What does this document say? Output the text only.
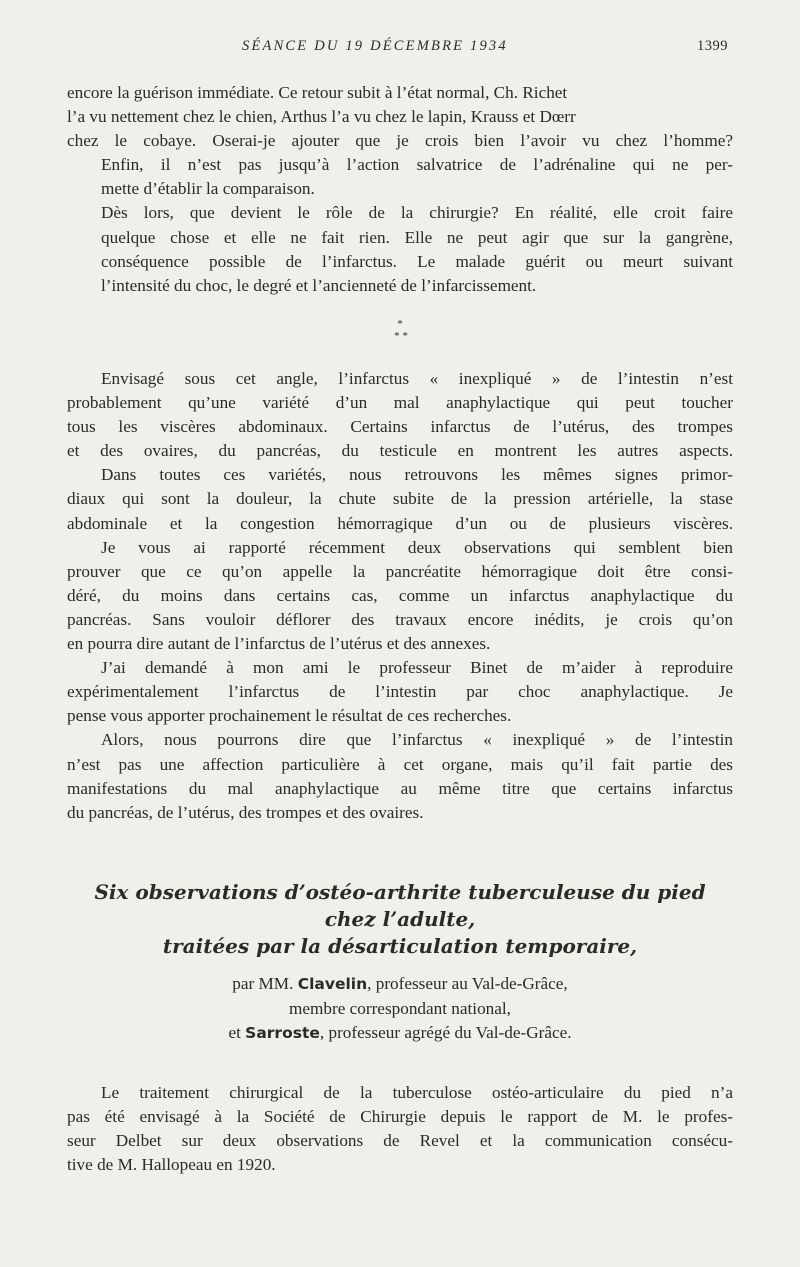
SÉANCE DU 19 DÉCEMBRE 1934	1399

encore la guérison immédiate. Ce retour subit à l’état normal, Ch. Richet
l’a vu nettement chez le chien, Arthus l’a vu chez le lapin, Krauss et Dœrr
chez le cobaye. Oserai-je ajouter que je crois bien l’avoir vu chez l’homme?

Enfin, il n’est pas jusqu’à l’action salvatrice de l’adrénaline qui ne per-
mette d’établir la comparaison.

Dès lors, que devient le rôle de la chirurgie? En réalité, elle croit faire
quelque chose et elle ne fait rien. Elle ne peut agir que sur la gangrène,
conséquence possible de l’infarctus. Le malade guérit ou meurt suivant
l’intensité du choc, le degré et l’ancienneté de l’infarcissement.

*
* *

Envisagé sous cet angle, l’infarctus « inexpliqué » de l’intestin n’est
probablement qu’une variété d’un mal anaphylactique qui peut toucher
tous les viscères abdominaux. Certains infarctus de l’utérus, des trompes
et des ovaires, du pancréas, du testicule en montrent les autres aspects.

Dans toutes ces variétés, nous retrouvons les mêmes signes primor-
diaux qui sont la douleur, la chute subite de la pression artérielle, la stase
abdominale et la congestion hémorragique d’un ou de plusieurs viscères.

Je vous ai rapporté récemment deux observations qui semblent bien
prouver que ce qu’on appelle la pancréatite hémorragique doit être consi-
déré, du moins dans certains cas, comme un infarctus anaphylactique du
pancréas. Sans vouloir déflorer des travaux encore inédits, je crois qu’on
en pourra dire autant de l’infarctus de l’utérus et des annexes.

J’ai demandé à mon ami le professeur Binet de m’aider à reproduire
expérimentalement l’infarctus de l’intestin par choc anaphylactique. Je
pense vous apporter prochainement le résultat de ces recherches.

Alors, nous pourrons dire que l’infarctus « inexpliqué » de l’intestin
n’est pas une affection particulière à cet organe, mais qu’il fait partie des
manifestations du mal anaphylactique au même titre que certains infarctus
du pancréas, de l’utérus, des trompes et des ovaires.

Six observations d’ostéo-arthrite tuberculeuse du pied
chez l’adulte,
traitées par la désarticulation temporaire,
par MM. Clavelin, professeur au Val-de-Grâce,
membre correspondant national,
et Sarroste, professeur agrégé du Val-de-Grâce.

Le traitement chirurgical de la tuberculose ostéo-articulaire du pied n’a
pas été envisagé à la Société de Chirurgie depuis le rapport de M. le profes-
seur Delbet sur deux observations de Revel et la communication consécu-
tive de M. Hallopeau en 1920.
